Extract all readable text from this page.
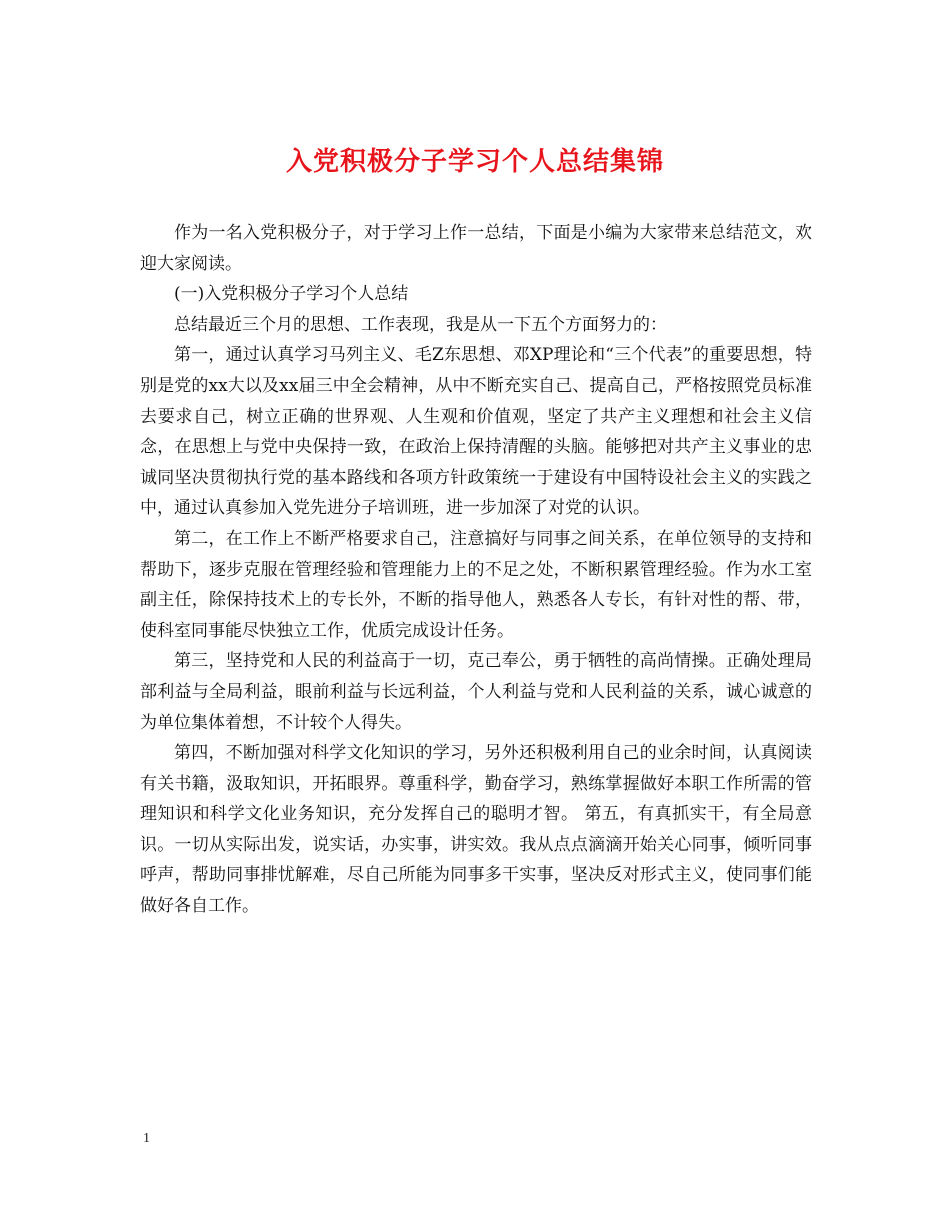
入党积极分子学习个人总结集锦

作为一名入党积极分子，对于学习上作一总结，下面是小编为大家带来总结范文，欢迎大家阅读。

(一)入党积极分子学习个人总结

总结最近三个月的思想、工作表现，我是从一下五个方面努力的：

第一，通过认真学习马列主义、毛Z东思想、邓XP理论和“三个代表”的重要思想，特别是党的xx大以及xx届三中全会精神，从中不断充实自己、提高自己，严格按照党员标准去要求自己，树立正确的世界观、人生观和价值观，坚定了共产主义理想和社会主义信念，在思想上与党中央保持一致，在政治上保持清醒的头脑。能够把对共产主义事业的忠诚同坚决贯彻执行党的基本路线和各项方针政策统一于建设有中国特设社会主义的实践之中，通过认真参加入党先进分子培训班，进一步加深了对党的认识。

第二，在工作上不断严格要求自己，注意搞好与同事之间关系，在单位领导的支持和帮助下，逐步克服在管理经验和管理能力上的不足之处，不断积累管理经验。作为水工室副主任，除保持技术上的专长外，不断的指导他人，熟悉各人专长，有针对性的帮、带，使科室同事能尽快独立工作，优质完成设计任务。

第三，坚持党和人民的利益高于一切，克己奉公，勇于牺牲的高尚情操。正确处理局部利益与全局利益，眼前利益与长远利益，个人利益与党和人民利益的关系，诚心诚意的为单位集体着想，不计较个人得失。

第四，不断加强对科学文化知识的学习，另外还积极利用自己的业余时间，认真阅读有关书籍，汲取知识，开拓眼界。尊重科学，勤奋学习，熟练掌握做好本职工作所需的管理知识和科学文化业务知识，充分发挥自己的聪明才智。 第五，有真抓实干，有全局意识。一切从实际出发，说实话，办实事，讲实效。我从点点滴滴开始关心同事，倾听同事呼声，帮助同事排忧解难，尽自己所能为同事多干实事，坚决反对形式主义，使同事们能做好各自工作。

1
